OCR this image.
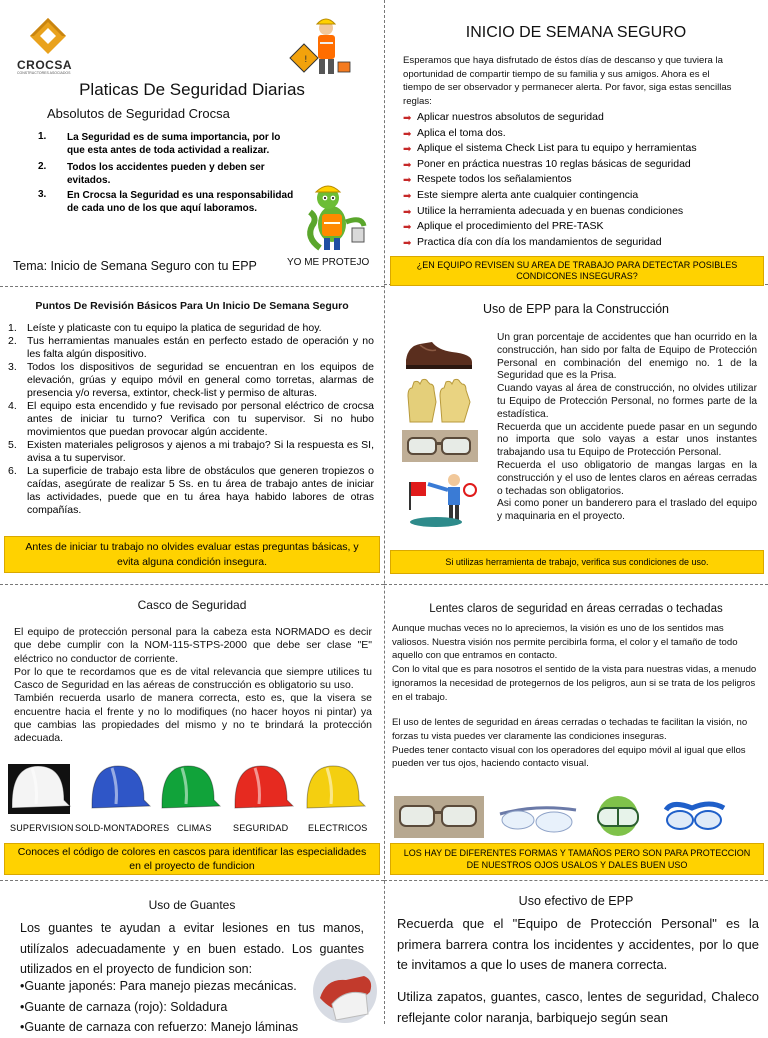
CROCSA
CONSTRUCTORES ASOCIADOS
!
Platicas De Seguridad Diarias
Absolutos de Seguridad Crocsa
1.	La Seguridad es de suma importancia, por lo que esta antes de toda actividad a realizar.
2.	Todos los accidentes pueden y deben ser evitados.
3.	En Crocsa la Seguridad es una responsabilidad de cada uno de los que aquí laboramos.
Tema: Inicio de Semana Seguro con tu EPP	YO ME PROTEJO
INICIO DE SEMANA SEGURO
Esperamos que haya disfrutado de éstos días de descanso y que tuviera la oportunidad de compartir tiempo de su familia y sus amigos. Ahora es el tiempo de ser observador y permanecer alerta. Por favor, siga estas sencillas reglas:
➡ Aplicar nuestros absolutos de seguridad
➡ Aplica el toma dos.
➡ Aplique el sistema Check List para tu equipo y herramientas
➡ Poner en práctica nuestras 10 reglas básicas de seguridad
➡ Respete todos los señalamientos
➡ Este siempre alerta ante cualquier contingencia
➡ Utilice la herramienta adecuada y en buenas condiciones
➡ Aplique el procedimiento del PRE-TASK
➡ Practica día con día los mandamientos de seguridad
¿EN EQUIPO REVISEN SU AREA DE TRABAJO PARA DETECTAR POSIBLES CONDICONES INSEGURAS?
Puntos De Revisión Básicos Para Un Inicio De Semana Seguro
1. Leíste y platicaste con tu equipo la platica de seguridad de hoy.
2. Tus herramientas manuales están en perfecto estado de operación y no les falta algún dispositivo.
3. Todos los dispositivos de seguridad se encuentran en los equipos de elevación, grúas y equipo móvil en general como torretas, alarmas de presencia y/o reversa, extintor, check-list y permiso de alturas.
4. El equipo esta encendido y fue revisado por personal eléctrico de crocsa antes de iniciar tu turno? Verifica con tu supervisor. Si no hubo movimientos que puedan provocar algún accidente.
5. Existen materiales peligrosos y ajenos a mi trabajo? Si la respuesta es SI, avisa a tu supervisor.
6. La superficie de trabajo esta libre de obstáculos que generen tropiezos o caídas, asegúrate de realizar 5 Ss. en tu área de trabajo antes de iniciar las actividades, puede que en tu área haya habido labores de otras compañías.
Antes de iniciar tu trabajo no olvides evaluar estas preguntas básicas, y evita alguna condición insegura.
Uso de EPP para la Construcción
Un gran porcentaje de accidentes que han ocurrido en la construcción, han sido por falta de Equipo de Protección Personal en combinación del enemigo no. 1 de la Seguridad que es la Prisa.
Cuando vayas al área de construcción, no olvides utilizar tu Equipo de Protección Personal, no formes parte de la estadística.
Recuerda que un accidente puede pasar en un segundo no importa que solo vayas a estar unos instantes trabajando usa tu Equipo de Protección Personal.
Recuerda el uso obligatorio de mangas largas en la construcción y el uso de lentes claros en aéreas cerradas o techadas son obligatorios.
Asi como poner un banderero para el traslado del equipo y maquinaria en el proyecto.
Si utilizas herramienta de trabajo, verifica sus condiciones de uso.
Casco de Seguridad
El equipo de protección personal para la cabeza esta NORMADO es decir que debe cumplir con la NOM-115-STPS-2000 que debe ser clase "E" eléctrico no conductor de corriente.
Por lo que te recordamos que es de vital relevancia que siempre utilices tu Casco de Seguridad en las aéreas de construcción es obligatorio su uso.
También recuerda usarlo de manera correcta, esto es, que la visera se encuentre hacia el frente y no lo modifiques (no hacer hoyos ni pintar) ya que cambias las propiedades del mismo y no te brindará la protección adecuada.
SUPERVISION SOLD-MONTADORES CLIMAS SEGURIDAD ELECTRICOS
Conoces el código de colores en cascos para identificar las especialidades en el proyecto de fundicion
Lentes claros de seguridad en áreas cerradas o techadas
Aunque muchas veces no lo apreciemos, la visión es uno de los sentidos mas valiosos. Nuestra visión nos permite percibirla forma, el color y el tamaño de todo aquello con que entramos en contacto.
Con lo vital que es para nosotros el sentido de la vista para nuestras vidas, a menudo ignoramos la necesidad de protegernos de los peligros, aun si se trata de los peligros en el trabajo.
El uso de lentes de seguridad en áreas cerradas o techadas te facilitan la visión, no forzas tu vista puedes ver claramente las condiciones inseguras.
Puedes tener contacto visual con los operadores del equipo móvil al igual que ellos pueden ver tus ojos, haciendo contacto visual.
LOS HAY DE DIFERENTES FORMAS Y TAMAÑOS PERO SON PARA PROTECCION DE NUESTROS OJOS USALOS Y DALES BUEN USO
Uso de Guantes
Los guantes te ayudan a evitar lesiones en tus manos, utilízalos adecuadamente y en buen estado. Los guantes utilizados en el proyecto de fundicion son:
•Guante japonés: Para manejo piezas mecánicas.
•Guante de carnaza (rojo): Soldadura
•Guante de carnaza con refuerzo: Manejo láminas
Uso efectivo de EPP
Recuerda que el "Equipo de Protección Personal" es la primera barrera contra los incidentes y accidentes, por lo que te invitamos a que lo uses de manera correcta.
Utiliza zapatos, guantes, casco, lentes de seguridad, Chaleco reflejante color naranja, barbiquejo según sean
